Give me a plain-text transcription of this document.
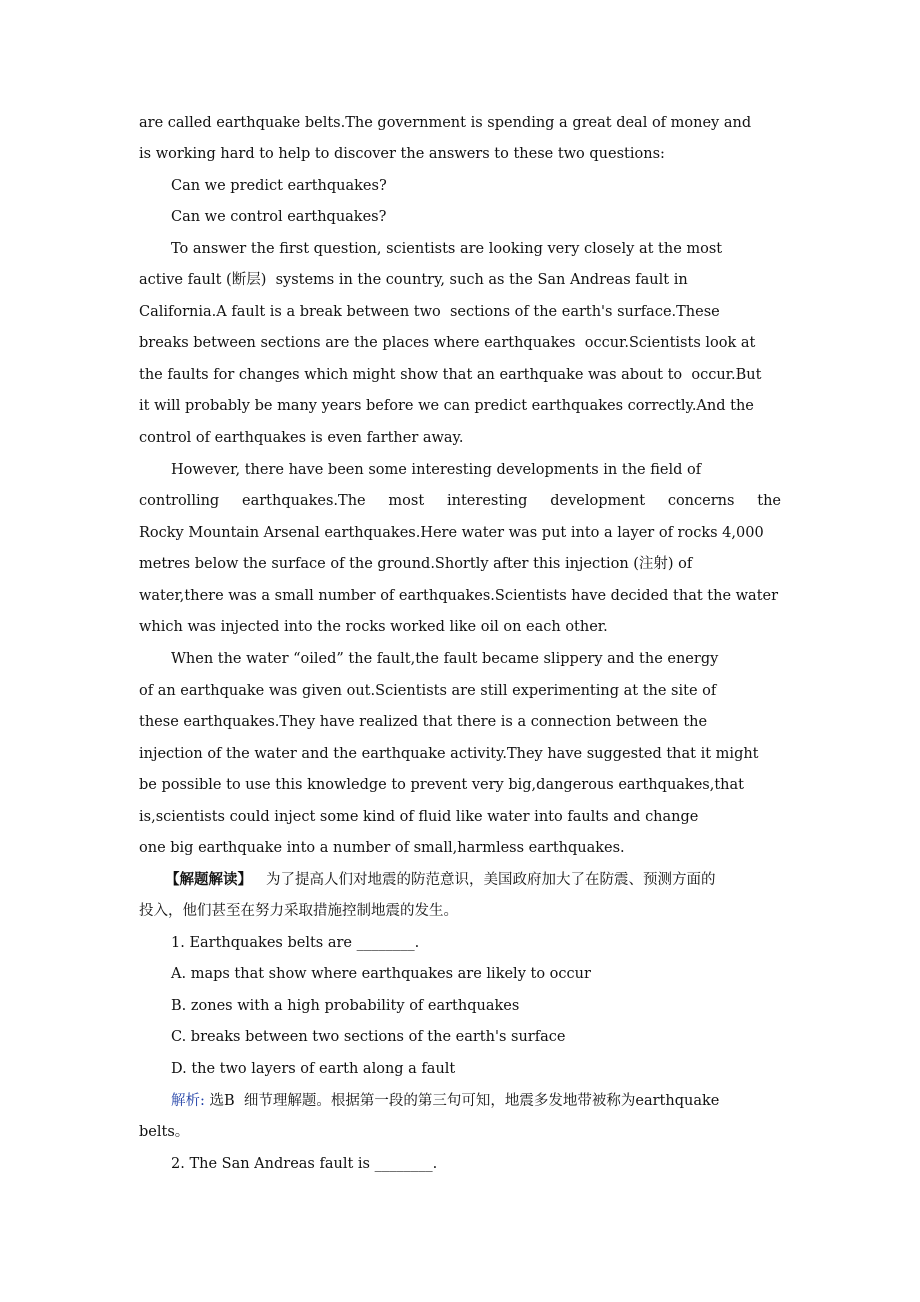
are called earthquake belts.The government is spending a great deal of money and

is working hard to help to discover the answers to these two questions:

Can we predict earthquakes?

Can we control earthquakes?

To answer the first question, scientists are looking very closely at the most

active fault (断层)  systems in the country, such as the San Andreas fault in

California.A fault is a break between two  sections of the earth's surface.These

breaks between sections are the places where earthquakes  occur.Scientists look at

the faults for changes which might show that an earthquake was about to  occur.But

it will probably be many years before we can predict earthquakes correctly.And the

control of earthquakes is even farther away.

However, there have been some interesting developments in the field of

controlling earthquakes.The most interesting development concerns the

Rocky Mountain Arsenal earthquakes.Here water was put into a layer of rocks 4,000

metres below the surface of the ground.Shortly after this injection (注射) of

water,there was a small number of earthquakes.Scientists have decided that the water

which was injected into the rocks worked like oil on each other.

When the water “oiled” the fault,the fault became slippery and the energy

of an earthquake was given out.Scientists are still experimenting at the site of

these earthquakes.They have realized that there is a connection between the

injection of the water and the earthquake activity.They have suggested that it might

be possible to use this knowledge to prevent very big,dangerous earthquakes,that

is,scientists could inject some kind of fluid like water into faults and change

one big earthquake into a number of small,harmless earthquakes.

【解题解读】 为了提高人们对地震的防范意识，美国政府加大了在防震、预测方面的

投入，他们甚至在努力采取措施控制地震的发生。

1. Earthquakes belts are ________.

A. maps that show where earthquakes are likely to occur

B. zones with a high probability of earthquakes

C. breaks between two sections of the earth's surface

D. the two layers of earth along a fault

解析: 选B  细节理解题。根据第一段的第三句可知，地震多发地带被称为earthquake

belts。

2. The San Andreas fault is ________.
